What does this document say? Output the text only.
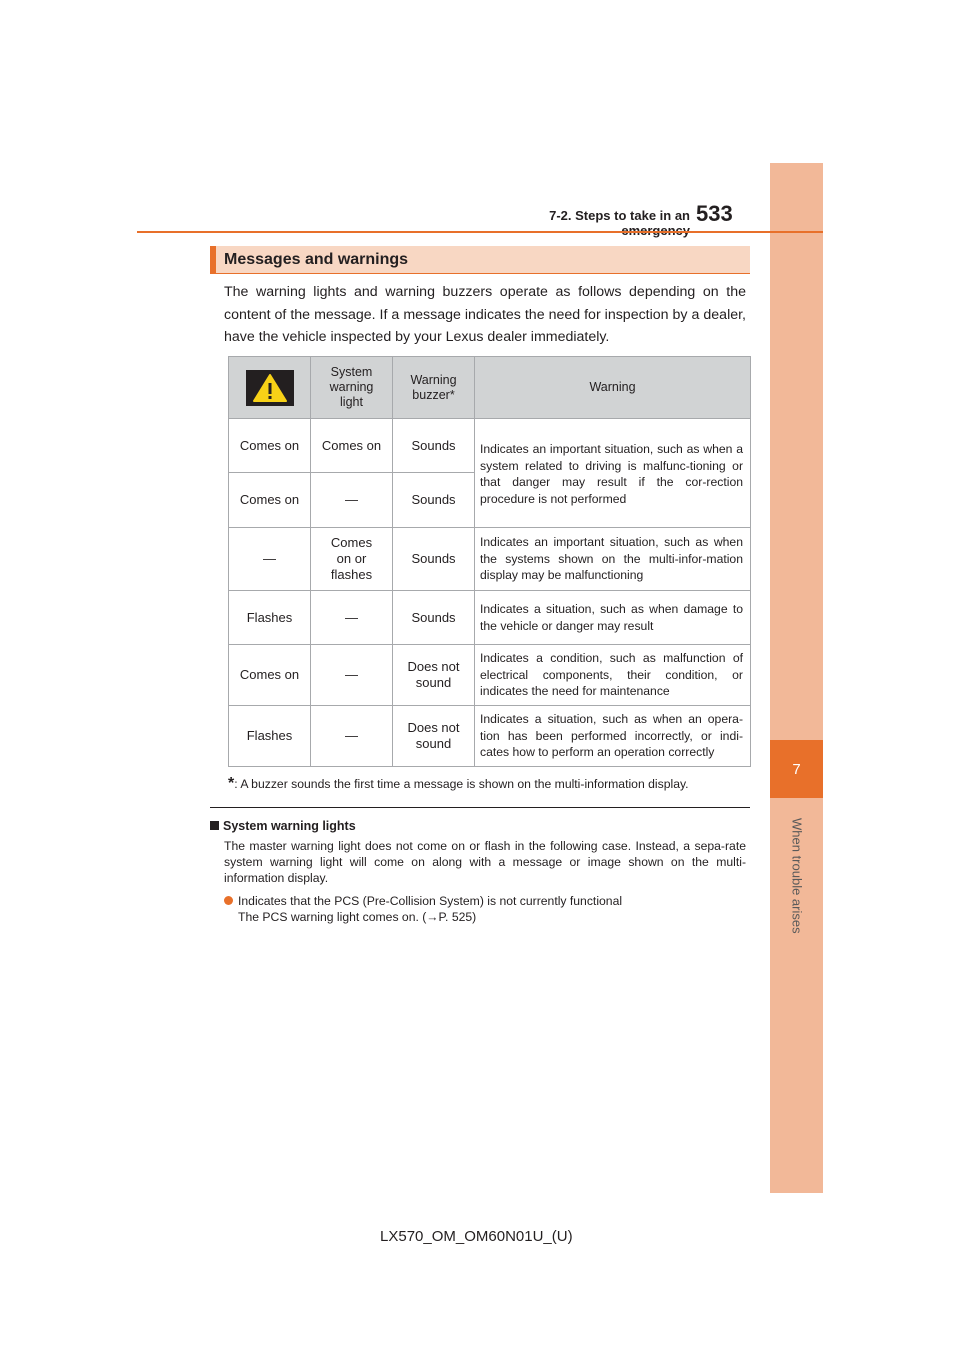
7
When trouble arises
7-2. Steps to take in an 533
Messages and warnings
The warning lights and warning buzzers operate as follows depending on the content of the message. If a message indicates the need for inspection by a dealer, have the vehicle inspected by your Lexus dealer immediately.
	System warning light	Warning buzzer*	Warning
Comes on	Comes on	Sounds	Indicates an important situation, such as when a system related to driving is malfunc-tioning or that danger may result if the cor-rection procedure is not performed
Comes on	—	Sounds	
—	Comes on or flashes	Sounds	Indicates an important situation, such as when the systems shown on the multi-infor-mation display may be malfunctioning
Flashes	—	Sounds	Indicates a situation, such as when damage to the vehicle or danger may result
Comes on	—	Does not sound	Indicates a condition, such as malfunction of electrical components, their condition, or indicates the need for maintenance
Flashes	—	Does not sound	Indicates a situation, such as when an opera-tion has been performed incorrectly, or indi-cates how to perform an operation correctly
*: A buzzer sounds the first time a message is shown on the multi-information display.
System warning lights
The master warning light does not come on or flash in the following case. Instead, a sepa-rate system warning light will come on along with a message or image shown on the multi-information display.
Indicates that the PCS (Pre-Collision System) is not currently functional
The PCS warning light comes on. (→P. 525)
LX570_OM_OM60N01U_(U)
